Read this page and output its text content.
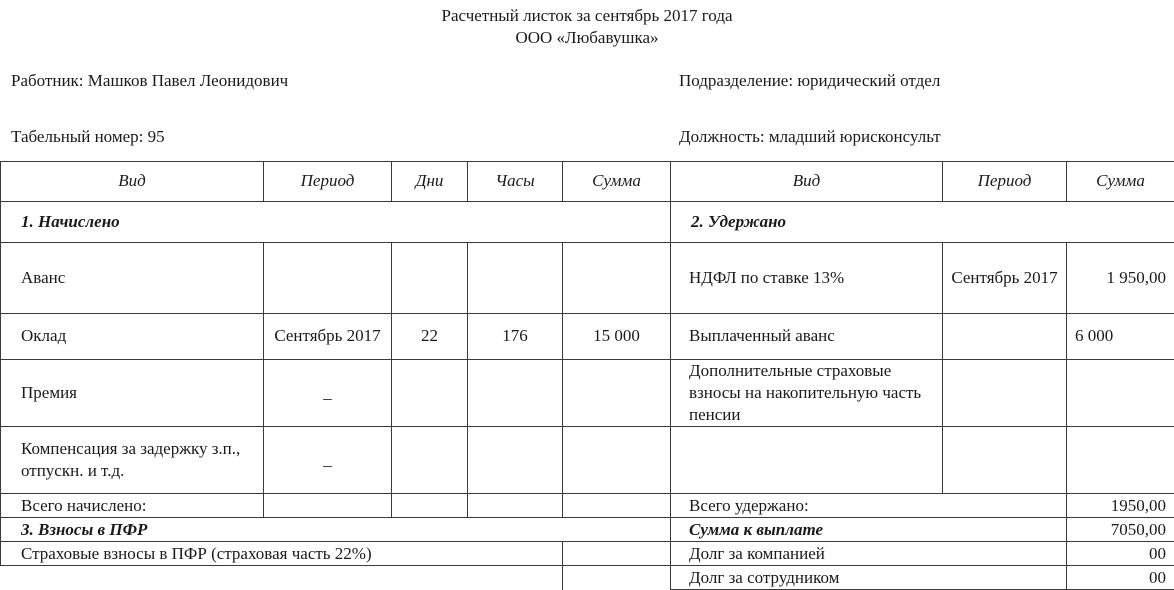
Расчетный листок за сентябрь 2017 года
ООО «Любавушка»
Работник: Машков Павел Леонидович	Подразделение: юридический отдел
Табельный номер: 95	Должность: младший юрисконсульт
Вид	Период	Дни	Часы	Сумма	Вид	Период	Сумма
1. Начислено					2. Удержано		
Аванс					НДФЛ по ставке 13%	Сентябрь 2017	1 950,00
Оклад	Сентябрь 2017	22	176	15 000	Выплаченный аванс		6 000
Премия	_				Дополнительные страховые взносы на накопительную часть пенсии		
Компенсация за задержку з.п., отпускн. и т.д.	_						
Всего начислено:					Всего удержано:		1950,00
3. Взносы в ПФР					Сумма к выплате		7050,00
Страховые взносы в ПФР (страховая часть 22%)					Долг за компанией		00
					Долг за сотрудником		00
